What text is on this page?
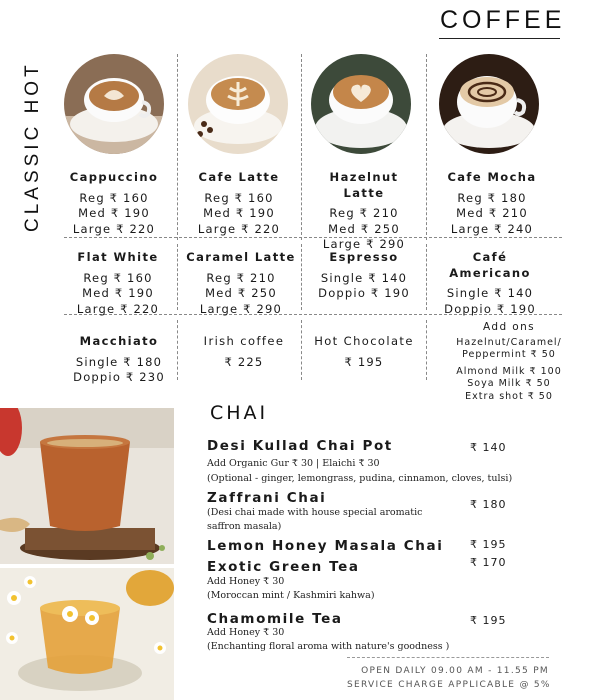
COFFEE
CLASSIC HOT	Cappuccino
Reg ₹ 160
Med ₹ 190
Large ₹ 220
Cafe Latte
Reg ₹ 160
Med ₹ 190
Large ₹ 220
Hazelnut Latte
Reg ₹ 210
Med ₹ 250
Large ₹ 290
Cafe Mocha
Reg ₹ 180
Med ₹ 210
Large ₹ 240
Flat White
Reg ₹ 160
Med ₹ 190
Large ₹ 220
Caramel Latte
Reg ₹ 210
Med ₹ 250
Large ₹ 290
Espresso
Single ₹ 140
Doppio ₹ 190
Café Americano
Single ₹ 140
Doppio ₹ 190
Macchiato
Single ₹ 180
Doppio ₹ 230
Irish coffee
₹ 225
Hot Chocolate
₹ 195
Add ons
Hazelnut/Caramel/
Peppermint ₹ 50
Almond Milk ₹ 100
Soya Milk ₹ 50
Extra shot ₹ 50
CHAI
Desi Kullad Chai Pot	₹ 140
Add Organic Gur ₹ 30 | Elaichi ₹ 30
(Optional - ginger, lemongrass, pudina, cinnamon, cloves, tulsi)
Zaffrani Chai	₹ 180
(Desi chai made with house special aromatic
saffron masala)
Lemon Honey Masala Chai ₹ 195
Exotic Green Tea	₹ 170
Add Honey ₹ 30
(Moroccan mint / Kashmiri kahwa)
Chamomile Tea	₹ 195
Add Honey ₹ 30
(Enchanting floral aroma with nature's goodness )
OPEN DAILY 09.00 AM - 11.55 PM
SERVICE CHARGE APPLICABLE @ 5%
